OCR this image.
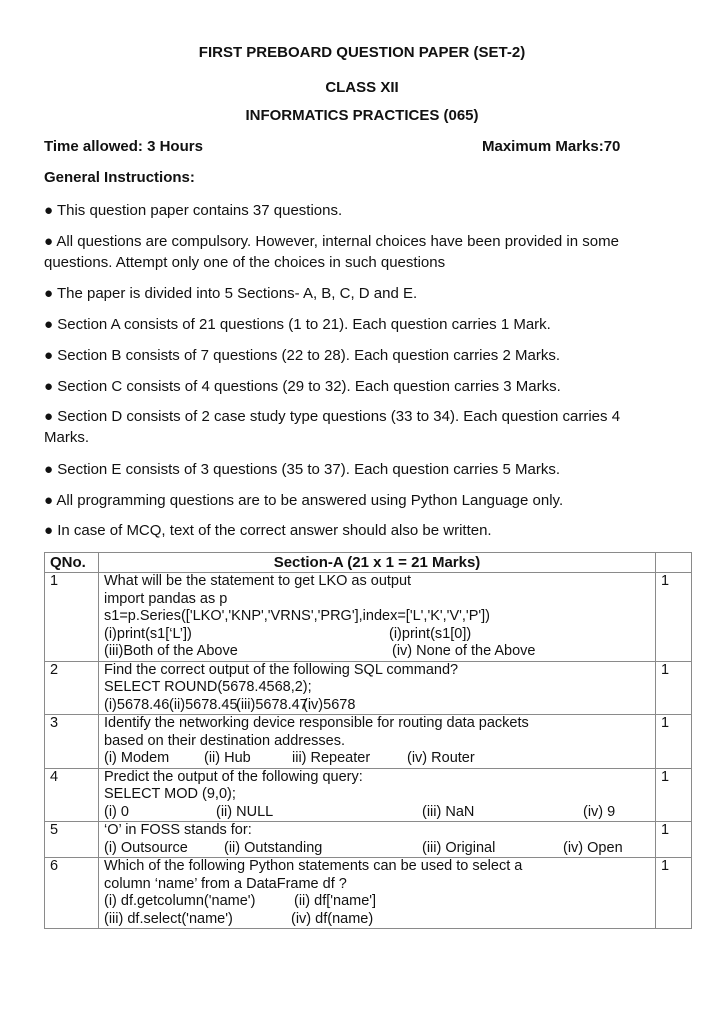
FIRST PREBOARD QUESTION PAPER (SET-2)
CLASS XII
INFORMATICS PRACTICES (065)
Time allowed: 3 Hours	Maximum Marks:70
General Instructions:
● This question paper contains 37 questions.
● All questions are compulsory. However, internal choices have been provided in some questions. Attempt only one of the choices in such questions
● The paper is divided into 5 Sections- A, B, C, D and E.
● Section A consists of 21 questions (1 to 21). Each question carries 1 Mark.
● Section B consists of 7 questions (22 to 28). Each question carries 2 Marks.
● Section C consists of 4 questions (29 to 32). Each question carries 3 Marks.
● Section D consists of 2 case study type questions (33 to 34). Each question carries 4 Marks.
● Section E consists of 3 questions (35 to 37). Each question carries 5 Marks.
● All programming questions are to be answered using Python Language only.
● In case of MCQ, text of the correct answer should also be written.
QNo.	Section-A (21 x 1 = 21 Marks)	
1	What will be the statement to get LKO as output
import pandas as p
s1=p.Series(['LKO','KNP','VRNS','PRG'],index=['L','K','V','P'])
(i)print(s1[‘L’]) (i)print(s1[0])
(iii)Both of the Above (iv) None of the Above	1
2	Find the correct output of the following SQL command?
SELECT ROUND(5678.4568,2);
(i)5678.46(ii)5678.45(iii)5678.47(iv)5678	1
3	Identify the networking device responsible for routing data packets
based on their destination addresses.
(i) Modem (ii) Hub iii) Repeater (iv) Router	1
4	Predict the output of the following query:
SELECT MOD (9,0);
(i) 0 (ii) NULL (iii) NaN (iv) 9	1
5	‘O’ in FOSS stands for:
(i) Outsource (ii) Outstanding (iii) Original (iv) Open	1
6	Which of the following Python statements can be used to select a
column ‘name’ from a DataFrame df ?
(i) df.getcolumn('name') (ii) df['name']
(iii) df.select('name') (iv) df(name)	1
